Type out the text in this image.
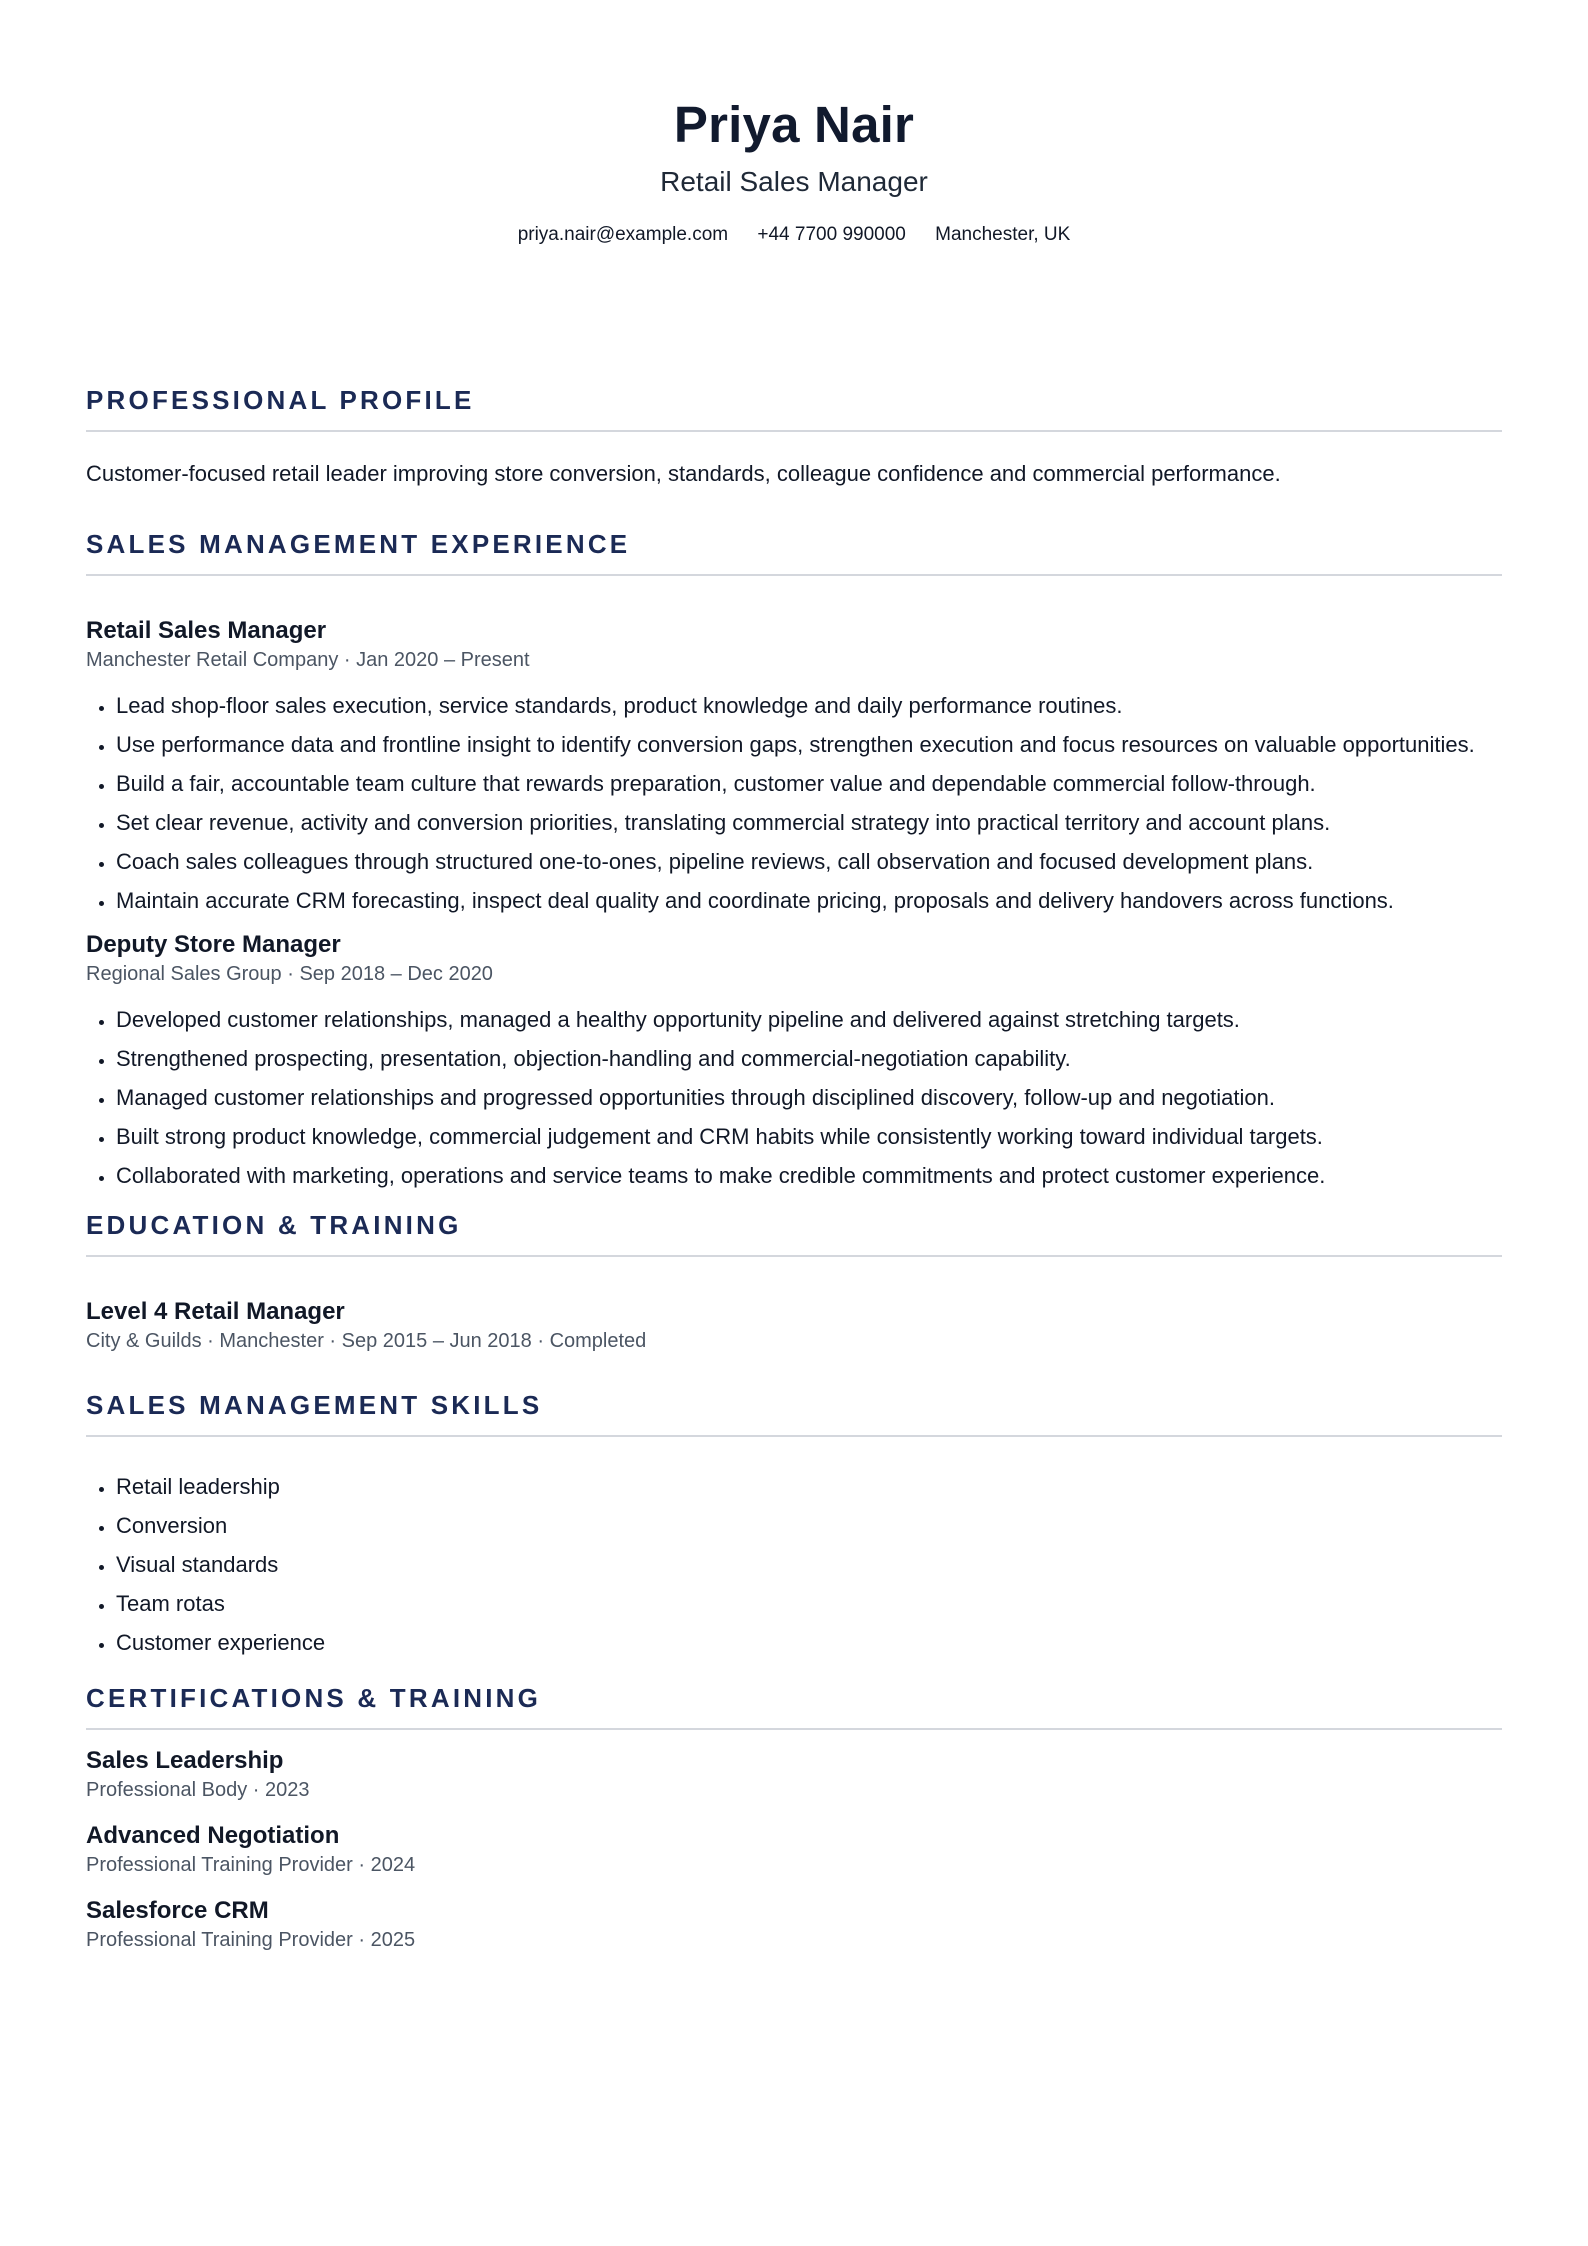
Priya Nair
Retail Sales Manager
priya.nair@example.com +44 7700 990000 Manchester, UK
PROFESSIONAL PROFILE
Customer-focused retail leader improving store conversion, standards, colleague confidence and commercial performance.
SALES MANAGEMENT EXPERIENCE
Retail Sales Manager
Manchester Retail Company · Jan 2020 – Present
• Lead shop-floor sales execution, service standards, product knowledge and daily performance routines.
• Use performance data and frontline insight to identify conversion gaps, strengthen execution and focus resources on valuable opportunities.
• Build a fair, accountable team culture that rewards preparation, customer value and dependable commercial follow-through.
• Set clear revenue, activity and conversion priorities, translating commercial strategy into practical territory and account plans.
• Coach sales colleagues through structured one-to-ones, pipeline reviews, call observation and focused development plans.
• Maintain accurate CRM forecasting, inspect deal quality and coordinate pricing, proposals and delivery handovers across functions.
Deputy Store Manager
Regional Sales Group · Sep 2018 – Dec 2020
• Developed customer relationships, managed a healthy opportunity pipeline and delivered against stretching targets.
• Strengthened prospecting, presentation, objection-handling and commercial-negotiation capability.
• Managed customer relationships and progressed opportunities through disciplined discovery, follow-up and negotiation.
• Built strong product knowledge, commercial judgement and CRM habits while consistently working toward individual targets.
• Collaborated with marketing, operations and service teams to make credible commitments and protect customer experience.
EDUCATION & TRAINING
Level 4 Retail Manager
City & Guilds · Manchester · Sep 2015 – Jun 2018 · Completed
SALES MANAGEMENT SKILLS
• Retail leadership
• Conversion
• Visual standards
• Team rotas
• Customer experience
CERTIFICATIONS & TRAINING
Sales Leadership
Professional Body · 2023
Advanced Negotiation
Professional Training Provider · 2024
Salesforce CRM
Professional Training Provider · 2025
